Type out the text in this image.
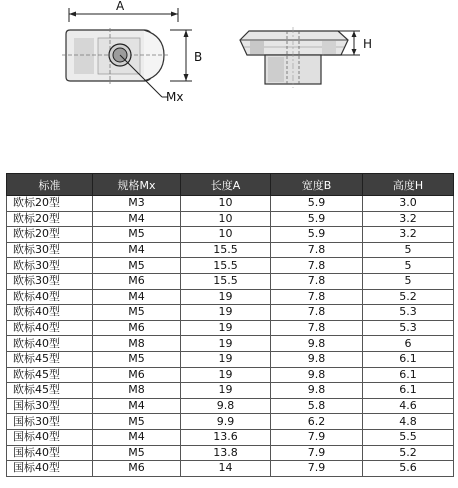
A
B
H
Mx
标准	规格Mx	长度A	宽度B	高度H
欧标20型	M3	10	5.9	3.0
欧标20型	M4	10	5.9	3.2
欧标20型	M5	10	5.9	3.2
欧标30型	M4	15.5	7.8	5
欧标30型	M5	15.5	7.8	5
欧标30型	M6	15.5	7.8	5
欧标40型	M4	19	7.8	5.2
欧标40型	M5	19	7.8	5.3
欧标40型	M6	19	7.8	5.3
欧标40型	M8	19	9.8	6
欧标45型	M5	19	9.8	6.1
欧标45型	M6	19	9.8	6.1
欧标45型	M8	19	9.8	6.1
国标30型	M4	9.8	5.8	4.6
国标30型	M5	9.9	6.2	4.8
国标40型	M4	13.6	7.9	5.5
国标40型	M5	13.8	7.9	5.2
国标40型	M6	14	7.9	5.6
